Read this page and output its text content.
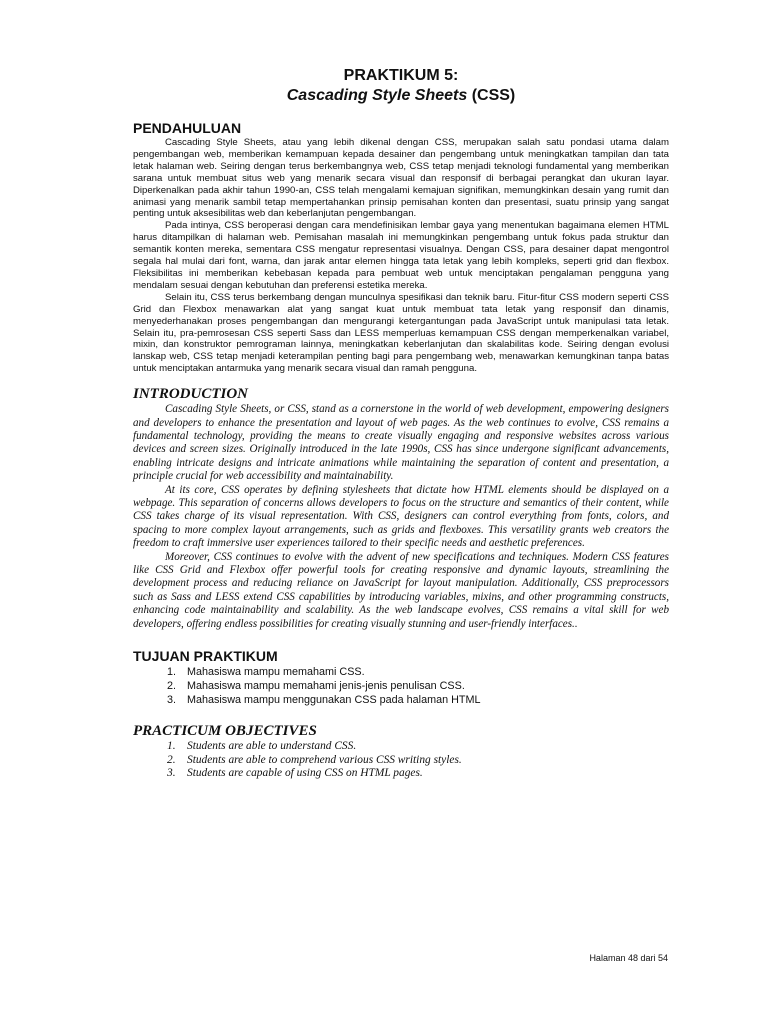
PRAKTIKUM 5:
Cascading Style Sheets (CSS)
PENDAHULUAN

Cascading Style Sheets, atau yang lebih dikenal dengan CSS, merupakan salah satu pondasi utama dalam pengembangan web, memberikan kemampuan kepada desainer dan pengembang untuk meningkatkan tampilan dan tata letak halaman web. Seiring dengan terus berkembangnya web, CSS tetap menjadi teknologi fundamental yang memberikan sarana untuk membuat situs web yang menarik secara visual dan responsif di berbagai perangkat dan ukuran layar. Diperkenalkan pada akhir tahun 1990-an, CSS telah mengalami kemajuan signifikan, memungkinkan desain yang rumit dan animasi yang menarik sambil tetap mempertahankan prinsip pemisahan konten dan presentasi, suatu prinsip yang sangat penting untuk aksesibilitas web dan keberlanjutan pengembangan.

Pada intinya, CSS beroperasi dengan cara mendefinisikan lembar gaya yang menentukan bagaimana elemen HTML harus ditampilkan di halaman web. Pemisahan masalah ini memungkinkan pengembang untuk fokus pada struktur dan semantik konten mereka, sementara CSS mengatur representasi visualnya. Dengan CSS, para desainer dapat mengontrol segala hal mulai dari font, warna, dan jarak antar elemen hingga tata letak yang lebih kompleks, seperti grid dan flexbox. Fleksibilitas ini memberikan kebebasan kepada para pembuat web untuk menciptakan pengalaman pengguna yang mendalam sesuai dengan kebutuhan dan preferensi estetika mereka.

Selain itu, CSS terus berkembang dengan munculnya spesifikasi dan teknik baru. Fitur-fitur CSS modern seperti CSS Grid dan Flexbox menawarkan alat yang sangat kuat untuk membuat tata letak yang responsif dan dinamis, menyederhanakan proses pengembangan dan mengurangi ketergantungan pada JavaScript untuk manipulasi tata letak. Selain itu, pra-pemrosesan CSS seperti Sass dan LESS memperluas kemampuan CSS dengan memperkenalkan variabel, mixin, dan konstruktor pemrograman lainnya, meningkatkan keberlanjutan dan skalabilitas kode. Seiring dengan evolusi lanskap web, CSS tetap menjadi keterampilan penting bagi para pengembang web, menawarkan kemungkinan tanpa batas untuk menciptakan antarmuka yang menarik secara visual dan ramah pengguna.

INTRODUCTION

Cascading Style Sheets, or CSS, stand as a cornerstone in the world of web development, empowering designers and developers to enhance the presentation and layout of web pages. As the web continues to evolve, CSS remains a fundamental technology, providing the means to create visually engaging and responsive websites across various devices and screen sizes. Originally introduced in the late 1990s, CSS has since undergone significant advancements, enabling intricate designs and intricate animations while maintaining the separation of content and presentation, a principle crucial for web accessibility and maintainability.

At its core, CSS operates by defining stylesheets that dictate how HTML elements should be displayed on a webpage. This separation of concerns allows developers to focus on the structure and semantics of their content, while CSS takes charge of its visual representation. With CSS, designers can control everything from fonts, colors, and spacing to more complex layout arrangements, such as grids and flexboxes. This versatility grants web creators the freedom to craft immersive user experiences tailored to their specific needs and aesthetic preferences.

Moreover, CSS continues to evolve with the advent of new specifications and techniques. Modern CSS features like CSS Grid and Flexbox offer powerful tools for creating responsive and dynamic layouts, streamlining the development process and reducing reliance on JavaScript for layout manipulation. Additionally, CSS preprocessors such as Sass and LESS extend CSS capabilities by introducing variables, mixins, and other programming constructs, enhancing code maintainability and scalability. As the web landscape evolves, CSS remains a vital skill for web developers, offering endless possibilities for creating visually stunning and user-friendly interfaces..

TUJUAN PRAKTIKUM
1. Mahasiswa mampu memahami CSS.
2. Mahasiswa mampu memahami jenis-jenis penulisan CSS.
3. Mahasiswa mampu menggunakan CSS pada halaman HTML
PRACTICUM OBJECTIVES
1. Students are able to understand CSS.
2. Students are able to comprehend various CSS writing styles.
3. Students are capable of using CSS on HTML pages.
Halaman 48 dari 54
